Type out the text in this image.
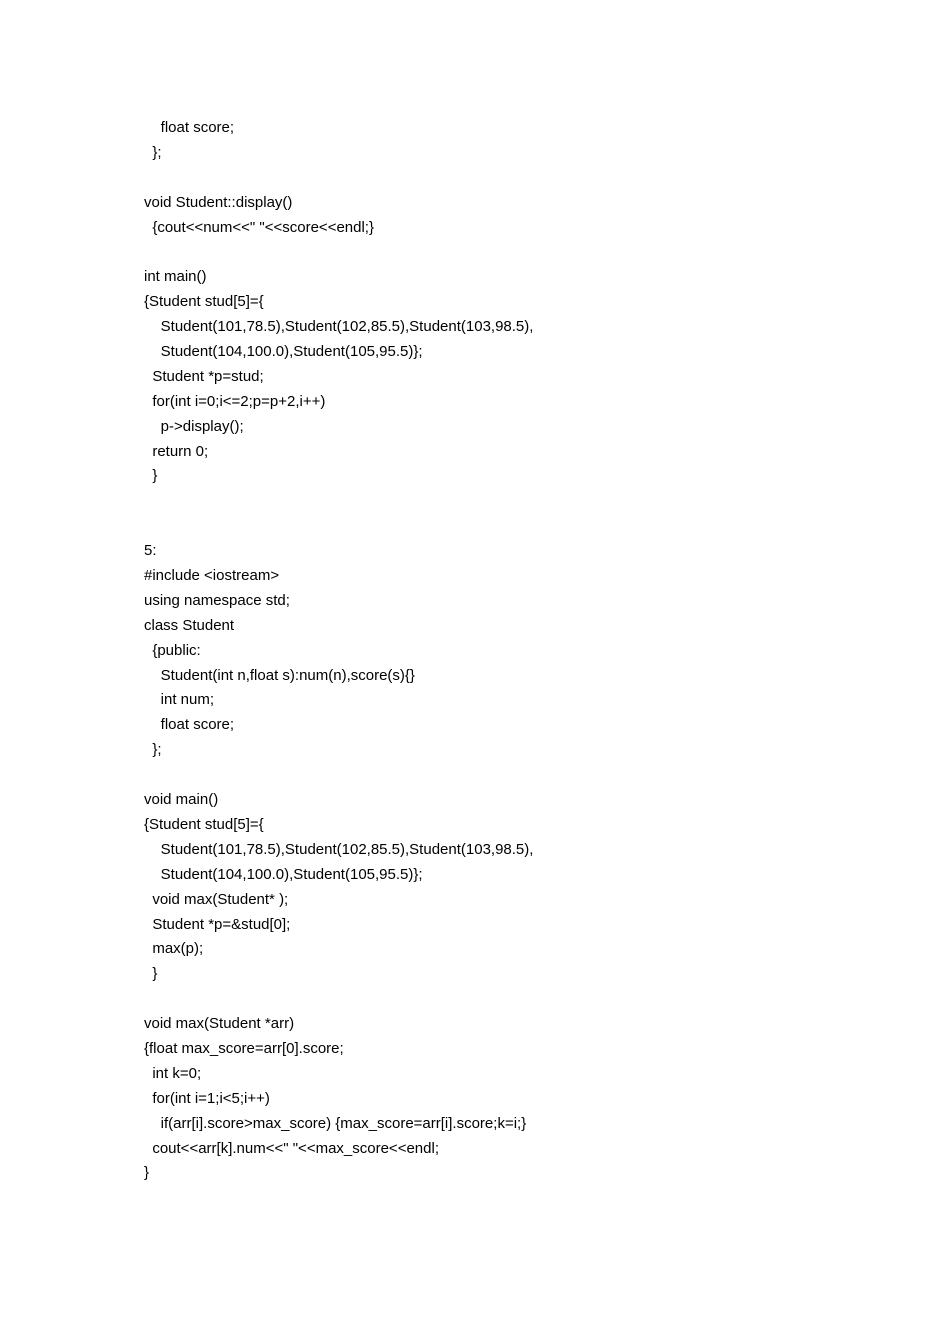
float score;
};
void Student::display()
{cout<<num<<" "<<score<<endl;}
int main()
{Student stud[5]={
Student(101,78.5),Student(102,85.5),Student(103,98.5),
Student(104,100.0),Student(105,95.5)};
Student *p=stud;
for(int i=0;i<=2;p=p+2,i++)
p->display();
return 0;
}
5:
#include <iostream>
using namespace std;
class Student
{public:
Student(int n,float s):num(n),score(s){}
int num;
float score;
};
void main()
{Student stud[5]={
Student(101,78.5),Student(102,85.5),Student(103,98.5),
Student(104,100.0),Student(105,95.5)};
void max(Student* );
Student *p=&stud[0];
max(p);
}
void max(Student *arr)
{float max_score=arr[0].score;
int k=0;
for(int i=1;i<5;i++)
if(arr[i].score>max_score) {max_score=arr[i].score;k=i;}
cout<<arr[k].num<<" "<<max_score<<endl;
}
